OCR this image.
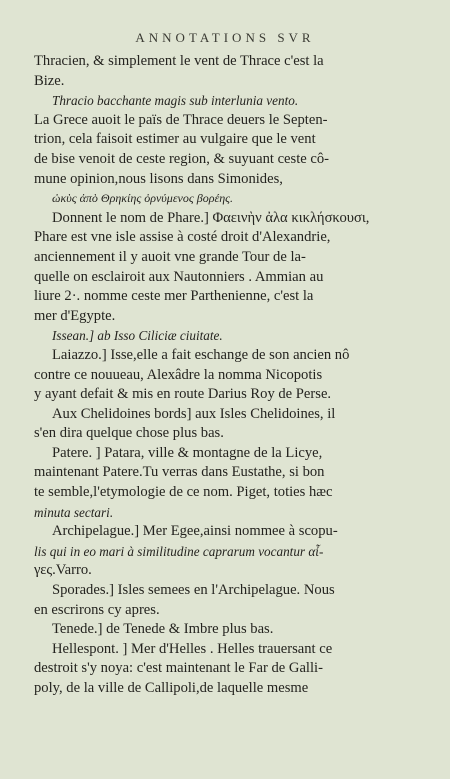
ANNOTATIONS SVR
Thracien, & simplement le vent de Thrace c'est la
Bize.
Thracio bacchante magis sub interlunia vento.
La Grece auoit le païs de Thrace deuers le Septen-
trion, cela faisoit estimer au vulgaire que le vent
de bise venoit de ceste region, & suyuant ceste cô-
mune opinion,nous lisons dans Simonides,
ὠκὺς ἀπὸ Θρηκίης ὀρνύμενος βορέης.
Donnent le nom de Phare.] Φαεινὴν ἀλα κικλήσκουσι,
Phare est vne isle assise à costé droit d'Alexandrie,
anciennement il y auoit vne grande Tour de la-
quelle on esclairoit aux Nautonniers . Ammian au
liure 2·. nomme ceste mer Parthenienne, c'est la
mer d'Egypte.
Issean.] ab Isso Ciliciæ ciuitate.
Laiazzo.] Isse,elle a fait eschange de son ancien nô
contre ce nouueau, Alexâdre la nomma Nicopotis
y ayant defait & mis en route Darius Roy de Perse.
Aux Chelidoines bords] aux Isles Chelidoines, il
s'en dira quelque chose plus bas.
Patere. ] Patara, ville & montagne de la Licye,
maintenant Patere.Tu verras dans Eustathe, si bon
te semble,l'etymologie de ce nom. Piget, toties hæc
minuta sectari.
Archipelague.] Mer Egee,ainsi nommee à scopu-
lis qui in eo mari à similitudine caprarum vocantur αἶ-
γες.Varro.
Sporades.] Isles semees en l'Archipelague. Nous
en escrirons cy apres.
Tenede.] de Tenede & Imbre plus bas.
Hellespont. ] Mer d'Helles . Helles trauersant ce
destroit s'y noya: c'est maintenant le Far de Galli-
poly, de la ville de Callipoli,de laquelle mesme
